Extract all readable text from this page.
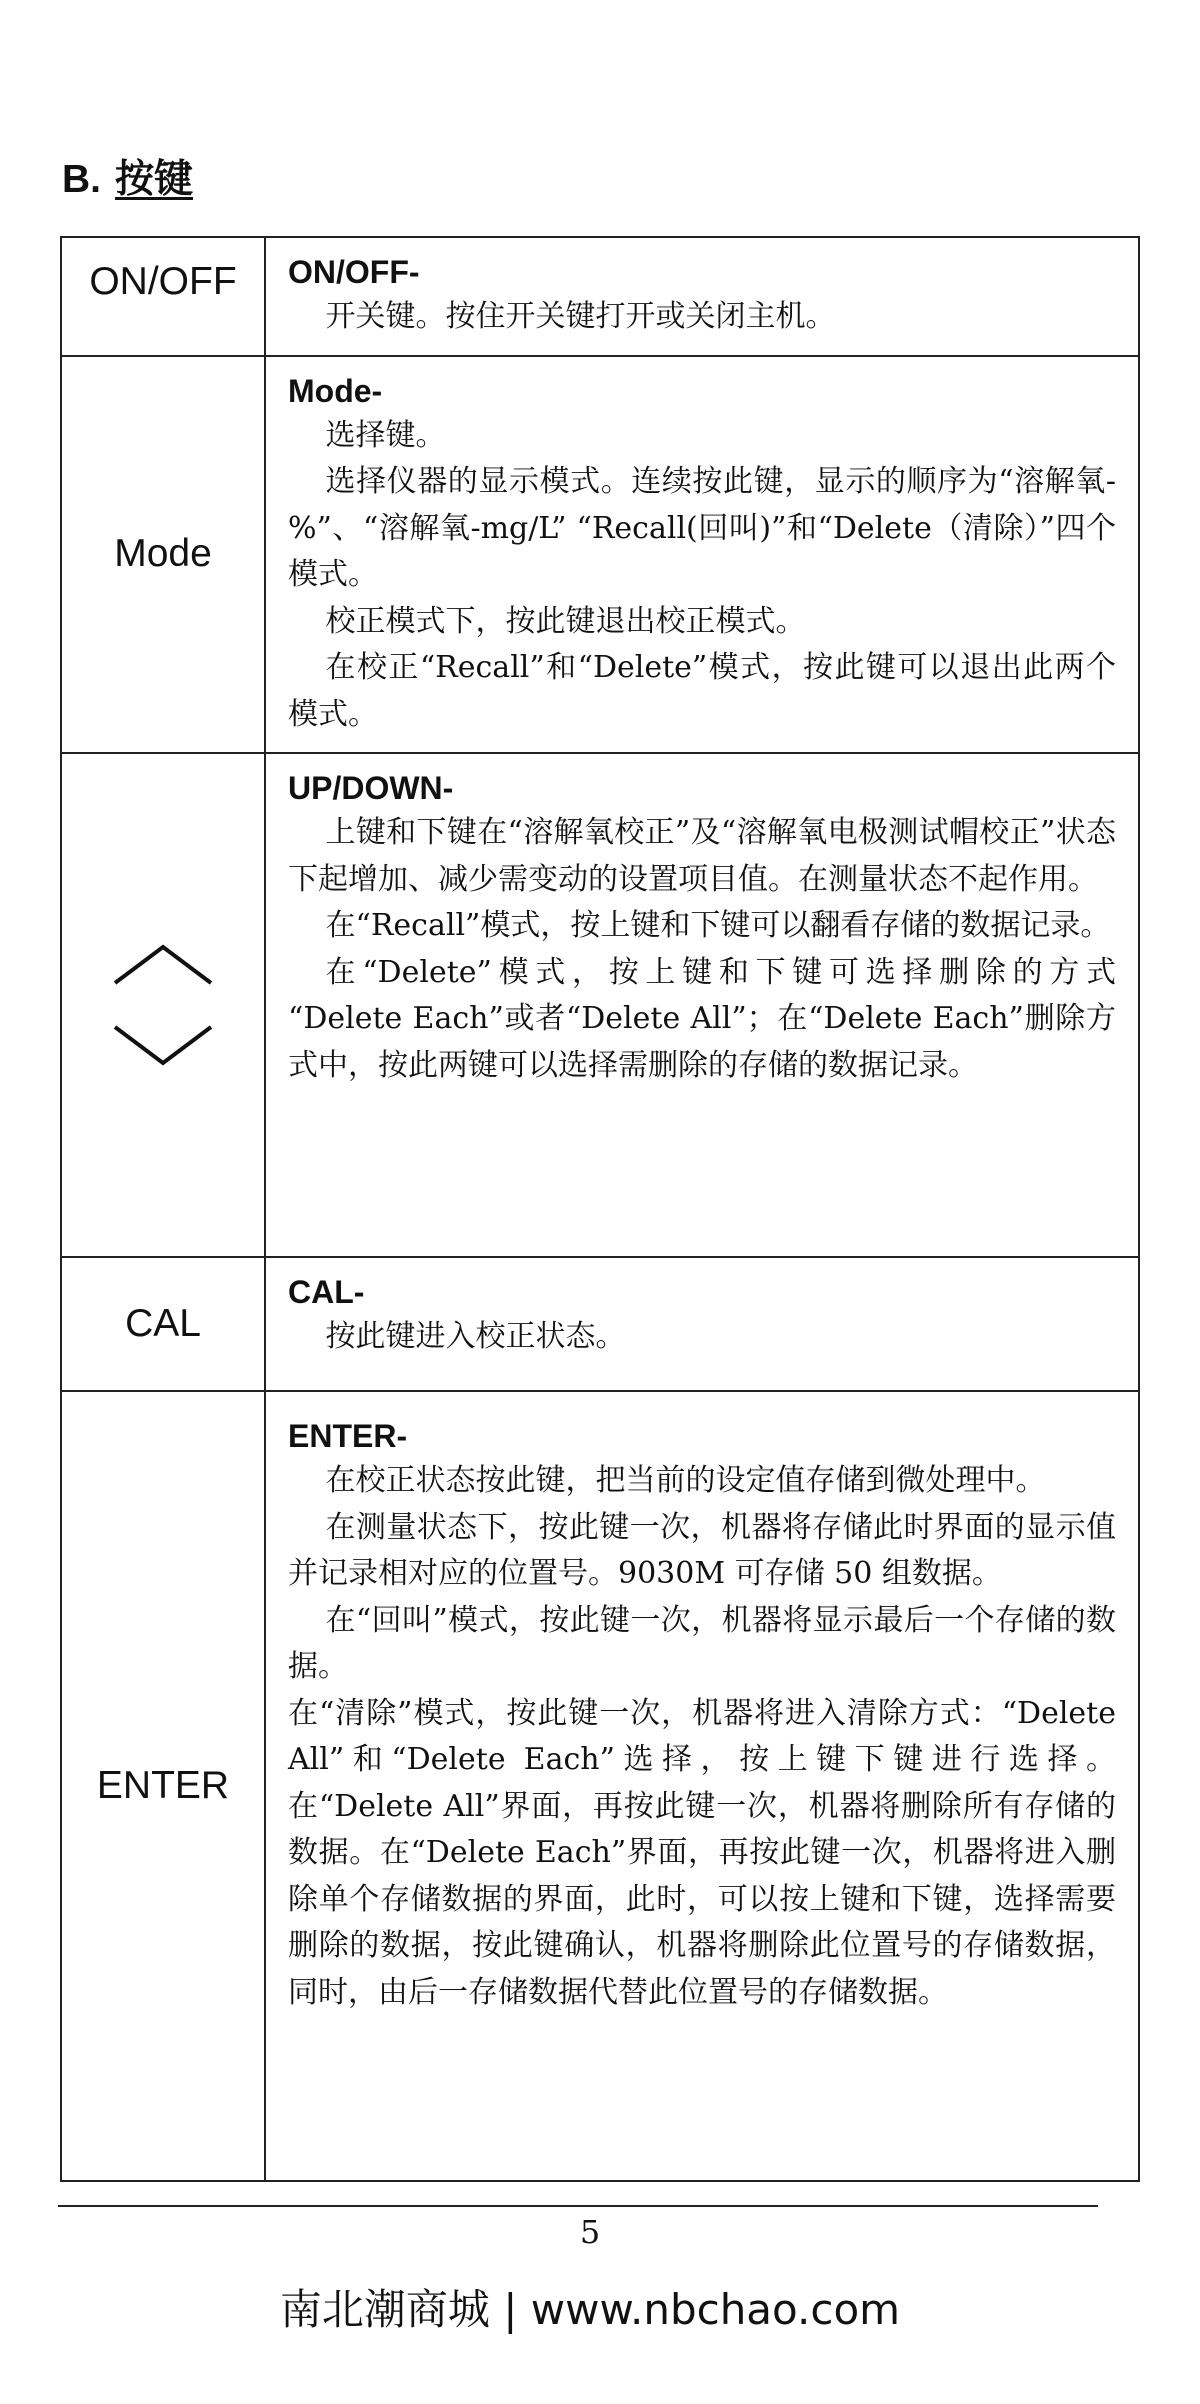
B. 按键
ON/OFF	ON/OFF-

开关键。按住开关键打开或关闭主机。

Mode	Mode-

选择键。

选择仪器的显示模式。连续按此键，显示的顺序为“溶解氧-%”、“溶解氧-mg/L” “Recall(回叫)”和“Delete（清除）”四个模式。

校正模式下，按此键退出校正模式。

在校正“Recall”和“Delete”模式，按此键可以退出此两个模式。

UP/DOWN-

上键和下键在“溶解氧校正”及“溶解氧电极测试帽校正”状态下起增加、减少需变动的设置项目值。在测量状态不起作用。

在“Recall”模式，按上键和下键可以翻看存储的数据记录。

在“Delete”模式，按上键和下键可选择删除的方式 “Delete Each”或者“Delete All”；在“Delete Each”删除方式中，按此两键可以选择需删除的存储的数据记录。

CAL	CAL-

按此键进入校正状态。

ENTER	ENTER-

在校正状态按此键，把当前的设定值存储到微处理中。

在测量状态下，按此键一次，机器将存储此时界面的显示值并记录相对应的位置号。9030M 可存储 50 组数据。

在“回叫”模式，按此键一次，机器将显示最后一个存储的数据。

在“清除”模式，按此键一次，机器将进入清除方式：“Delete All”和“Delete Each”选择，按上键下键进行选择。在“Delete All”界面，再按此键一次，机器将删除所有存储的数据。在“Delete Each”界面，再按此键一次，机器将进入删除单个存储数据的界面，此时，可以按上键和下键，选择需要删除的数据，按此键确认，机器将删除此位置号的存储数据，同时，由后一存储数据代替此位置号的存储数据。

5
南北潮商城 | www.nbchao.com
